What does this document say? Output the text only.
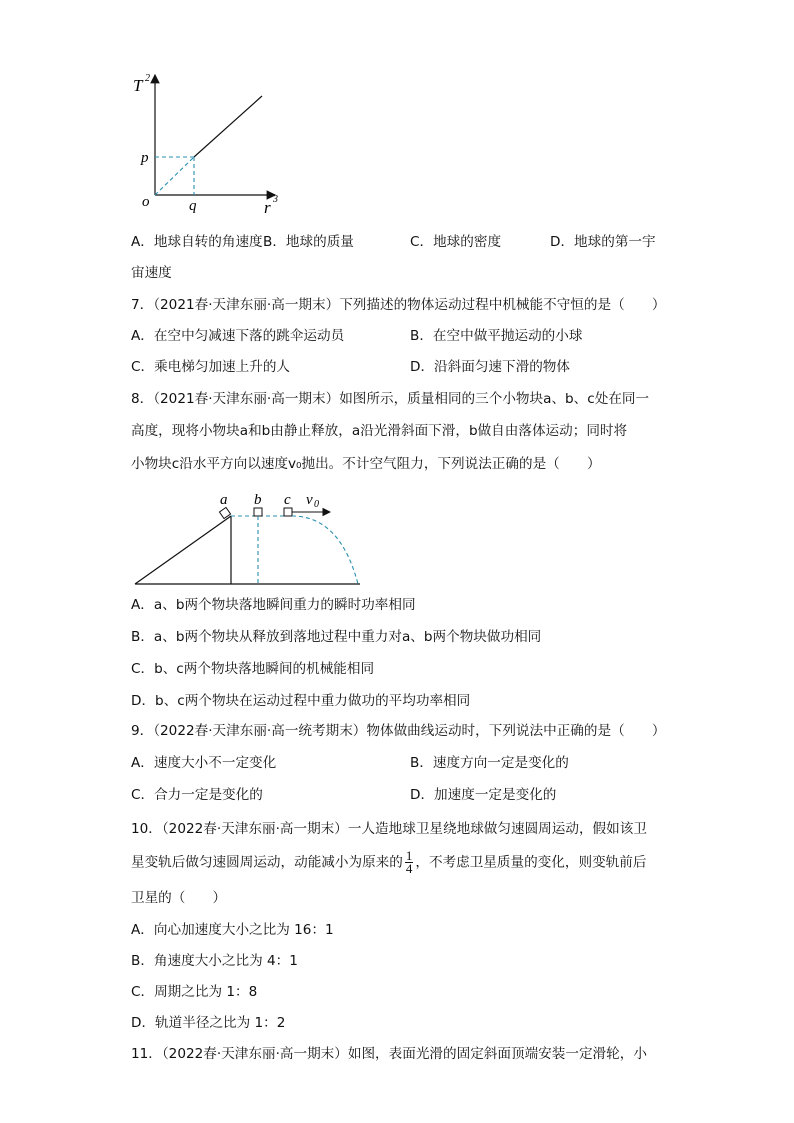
T 2
p
o	q	r 3
A．地球自转的角速度 B．地球的质量	C．地球的密度	D．地球的第一宇
宙速度
7．（2021春·天津东丽·高一期末）下列描述的物体运动过程中机械能不守恒的是（　　）
A．在空中匀减速下落的跳伞运动员	B．在空中做平抛运动的小球
C．乘电梯匀加速上升的人	D．沿斜面匀速下滑的物体
8．（2021春·天津东丽·高一期末）如图所示，质量相同的三个小物块a、b、c处在同一
高度，现将小物块a和b由静止释放，a沿光滑斜面下滑，b做自由落体运动；同时将
小物块c沿水平方向以速度v₀抛出。不计空气阻力，下列说法正确的是（　　）
a b c v 0
A．a、b两个物块落地瞬间重力的瞬时功率相同
B．a、b两个物块从释放到落地过程中重力对a、b两个物块做功相同
C．b、c两个物块落地瞬间的机械能相同
D．b、c两个物块在运动过程中重力做功的平均功率相同
9．（2022春·天津东丽·高一统考期末）物体做曲线运动时，下列说法中正确的是（　　）
A．速度大小不一定变化	B．速度方向一定是变化的
C．合力一定是变化的	D．加速度一定是变化的
10．（2022春·天津东丽·高一期末）一人造地球卫星绕地球做匀速圆周运动，假如该卫
星变轨后做匀速圆周运动，动能减小为原来的 $\frac{1}{4}$ ，不考虑卫星质量的变化，则变轨前后
卫星的（　　）
A．向心加速度大小之比为 16：1
B．角速度大小之比为 4：1
C．周期之比为 1：8
D．轨道半径之比为 1：2
11．（2022春·天津东丽·高一期末）如图，表面光滑的固定斜面顶端安装一定滑轮，小
